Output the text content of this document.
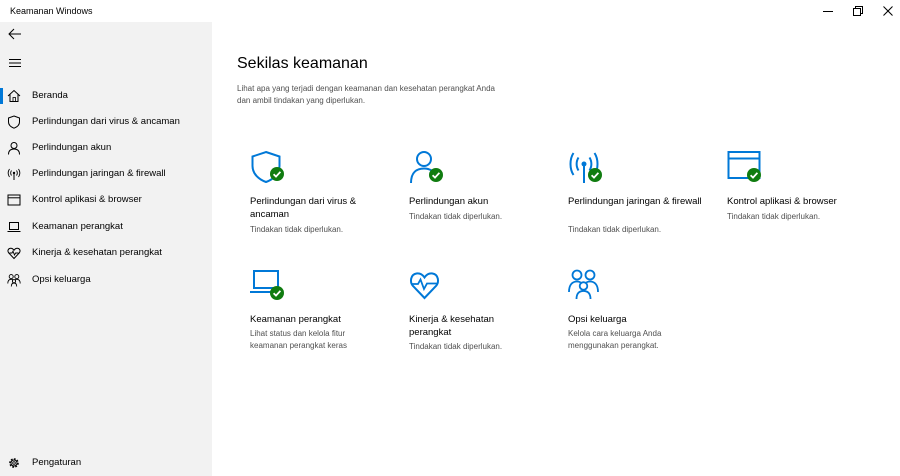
Keamanan Windows
Beranda
Perlindungan dari virus & ancaman
Perlindungan akun
Perlindungan jaringan & firewall
Kontrol aplikasi & browser
Keamanan perangkat
Kinerja & kesehatan perangkat
Opsi keluarga
Pengaturan
Sekilas keamanan
Lihat apa yang terjadi dengan keamanan dan kesehatan perangkat Anda dan ambil tindakan yang diperlukan.
Perlindungan dari virus & ancaman
Tindakan tidak diperlukan.
Perlindungan akun
Tindakan tidak diperlukan.
Perlindungan jaringan & firewall
Tindakan tidak diperlukan.
Kontrol aplikasi & browser
Tindakan tidak diperlukan.
Keamanan perangkat
Lihat status dan kelola fitur keamanan perangkat keras
Kinerja & kesehatan perangkat
Tindakan tidak diperlukan.
Opsi keluarga
Kelola cara keluarga Anda menggunakan perangkat.
